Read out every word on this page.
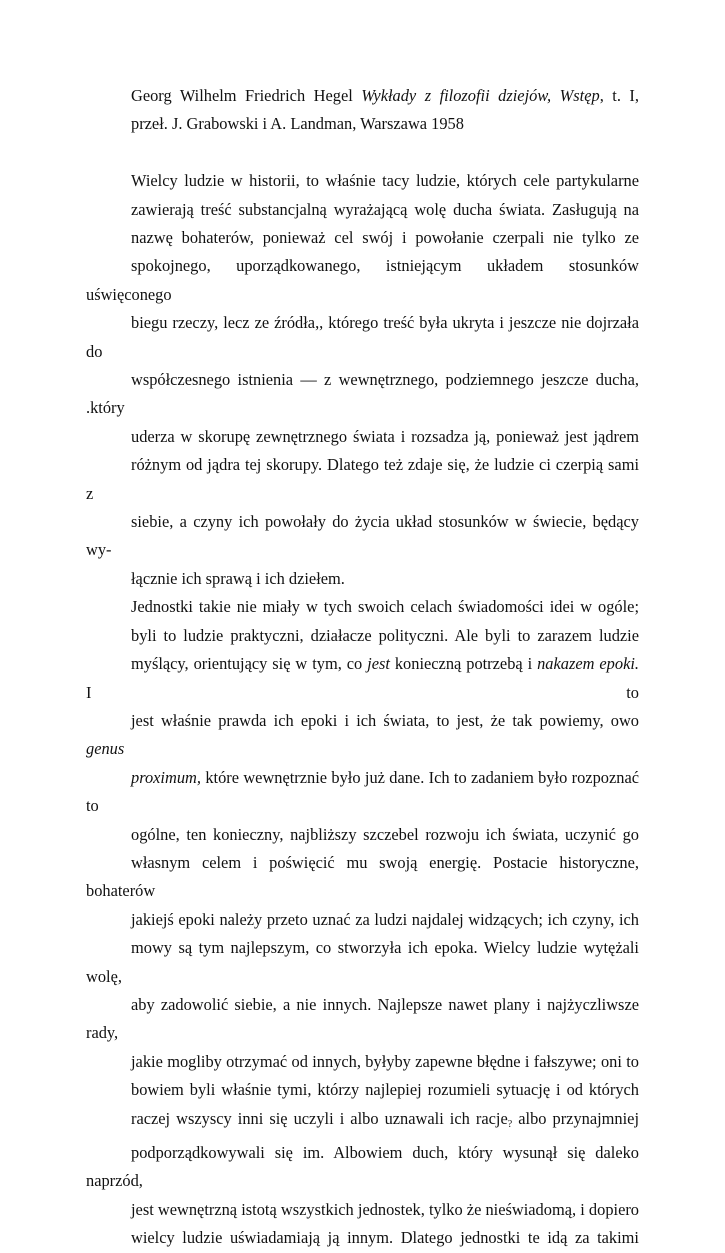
Georg Wilhelm Friedrich Hegel Wykłady z filozofii dziejów, Wstęp, t. I,
przeł. J. Grabowski i A. Landman, Warszawa 1958

Wielcy ludzie w historii, to właśnie tacy ludzie, których cele partykularne
zawierają treść substancjalną wyrażającą wolę ducha świata. Zasługują na
nazwę bohaterów, ponieważ cel swój i powołanie czerpali nie tylko ze
spokojnego, uporządkowanego, istniejącym układem stosunków uświęconego
biegu rzeczy, lecz ze źródła,, którego treść była ukryta i jeszcze nie dojrzała do
współczesnego istnienia — z wewnętrznego, podziemnego jeszcze ducha, .który
uderza w skorupę zewnętrznego świata i rozsadza ją, ponieważ jest jądrem
różnym od jądra tej skorupy. Dlatego też zdaje się, że ludzie ci czerpią sami z
siebie, a czyny ich powołały do życia układ stosunków w świecie, będący wy-
łącznie ich sprawą i ich dziełem.

Jednostki takie nie miały w tych swoich celach świadomości idei w ogóle;
byli to ludzie praktyczni, działacze polityczni. Ale byli to zarazem ludzie
myślący, orientujący się w tym, co jest konieczną potrzebą i nakazem epoki. I to
jest właśnie prawda ich epoki i ich świata, to jest, że tak powiemy, owo genus
proximum, które wewnętrznie było już dane. Ich to zadaniem było rozpoznać to
ogólne, ten konieczny, najbliższy szczebel rozwoju ich świata, uczynić go
własnym celem i poświęcić mu swoją energię. Postacie historyczne, bohaterów
jakiejś epoki należy przeto uznać za ludzi najdalej widzących; ich czyny, ich
mowy są tym najlepszym, co stworzyła ich epoka. Wielcy ludzie wytężali wolę,
aby zadowolić siebie, a nie innych. Najlepsze nawet plany i najżyczliwsze rady,
jakie mogliby otrzymać od innych, byłyby zapewne błędne i fałszywe; oni to
bowiem byli właśnie tymi, którzy najlepiej rozumieli sytuację i od których
raczej wszyscy inni się uczyli i albo uznawali ich racje$_?$ albo przynajmniej
podporządkowywali się im. Albowiem duch, który wysunął się daleko naprzód,
jest wewnętrzną istotą wszystkich jednostek, tylko że nieświadomą, i dopiero
wielcy ludzie uświadamiają ją innym. Dlatego jednostki te idą za takimi
